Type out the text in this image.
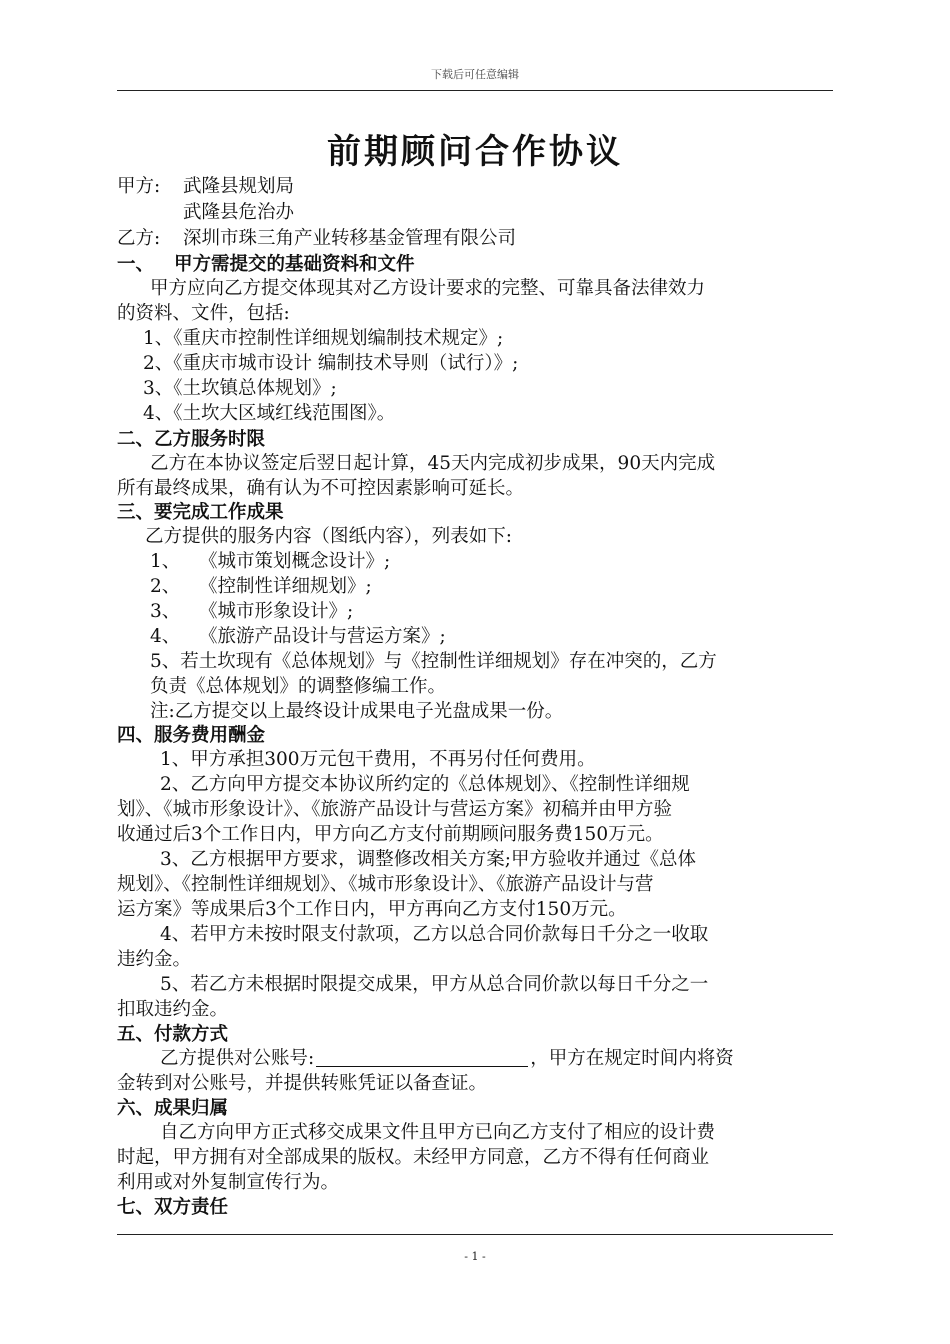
下载后可任意编辑
前期顾问合作协议
甲方: 武隆县规划局
武隆县危治办
乙方: 深圳市珠三角产业转移基金管理有限公司
一、 甲方需提交的基础资料和文件
甲方应向乙方提交体现其对乙方设计要求的完整、可靠具备法律效力
的资料、文件，包括:
1、《重庆市控制性详细规划编制技术规定》;
2、《重庆市城市设计 编制技术导则（试行）》;
3、《土坎镇总体规划》;
4、《土坎大区域红线范围图》。
二、乙方服务时限
乙方在本协议签定后翌日起计算，45天内完成初步成果，90天内完成
所有最终成果，确有认为不可控因素影响可延长。
三、要完成工作成果
乙方提供的服务内容（图纸内容），列表如下:
1、 《城市策划概念设计》;
2、 《控制性详细规划》;
3、 《城市形象设计》;
4、 《旅游产品设计与营运方案》;
5、若土坎现有《总体规划》与《控制性详细规划》存在冲突的，乙方
负责《总体规划》的调整修编工作。
注:乙方提交以上最终设计成果电子光盘成果一份。
四、服务费用酬金
1、甲方承担300万元包干费用，不再另付任何费用。
2、乙方向甲方提交本协议所约定的《总体规划》、《控制性详细规
划》、《城市形象设计》、《旅游产品设计与营运方案》初稿并由甲方验
收通过后3个工作日内，甲方向乙方支付前期顾问服务费150万元。
3、乙方根据甲方要求，调整修改相关方案;甲方验收并通过《总体
规划》、《控制性详细规划》、《城市形象设计》、《旅游产品设计与营
运方案》等成果后3个工作日内，甲方再向乙方支付150万元。
4、若甲方未按时限支付款项，乙方以总合同价款每日千分之一收取
违约金。
5、若乙方未根据时限提交成果，甲方从总合同价款以每日千分之一
扣取违约金。
五、付款方式
乙方提供对公账号:	，甲方在规定时间内将资
金转到对公账号，并提供转账凭证以备查证。
六、成果归属
自乙方向甲方正式移交成果文件且甲方已向乙方支付了相应的设计费
时起，甲方拥有对全部成果的版权。未经甲方同意，乙方不得有任何商业
利用或对外复制宣传行为。
七、双方责任
- 1 -
